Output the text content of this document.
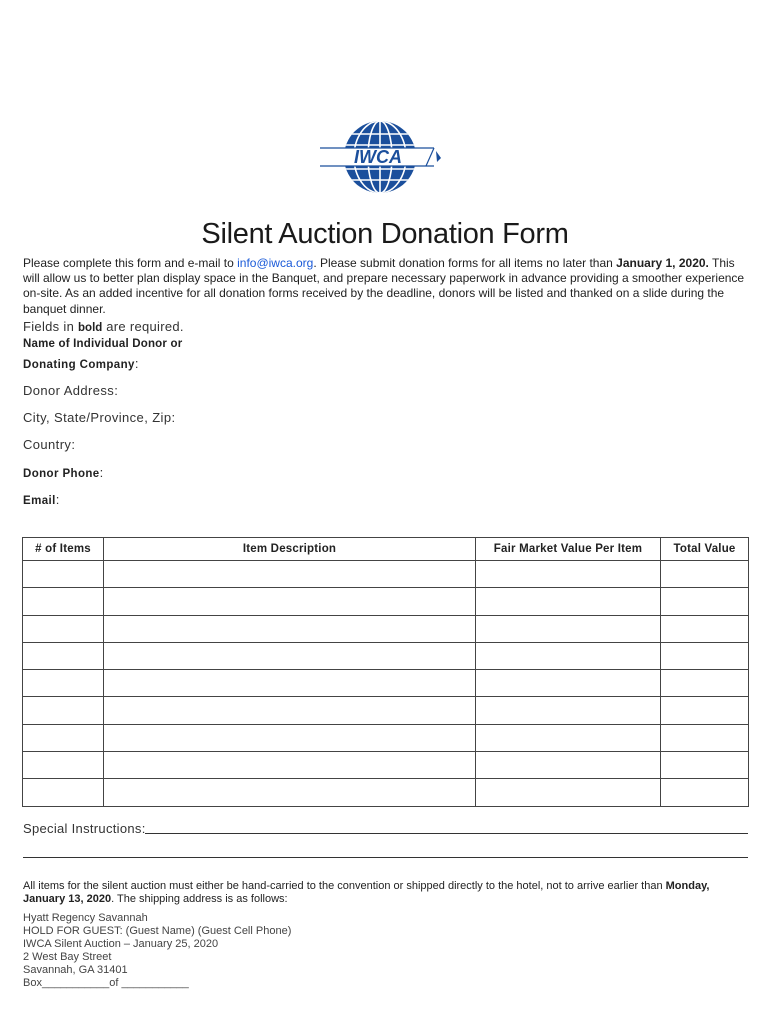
IWCA
Silent Auction Donation Form
Please complete this form and e-mail to info@iwca.org. Please submit donation forms for all items no later than January 1, 2020. This will allow us to better plan display space in the Banquet, and prepare necessary paperwork in advance providing a smoother experience on-site. As an added incentive for all donation forms received by the deadline, donors will be listed and thanked on a slide during the banquet dinner.
Fields in bold are required.
Name of Individual Donor or
Donating Company:
Donor Address:
City, State/Province, Zip:
Country:
Donor Phone:
Email:
# of Items	Item Description	Fair Market Value Per Item	Total Value

Special Instructions:
All items for the silent auction must either be hand-carried to the convention or shipped directly to the hotel, not to arrive earlier than Monday, January 13, 2020. The shipping address is as follows:
Hyatt Regency Savannah
HOLD FOR GUEST: (Guest Name) (Guest Cell Phone)
IWCA Silent Auction – January 25, 2020
2 West Bay Street
Savannah, GA 31401
Box___________of ___________
